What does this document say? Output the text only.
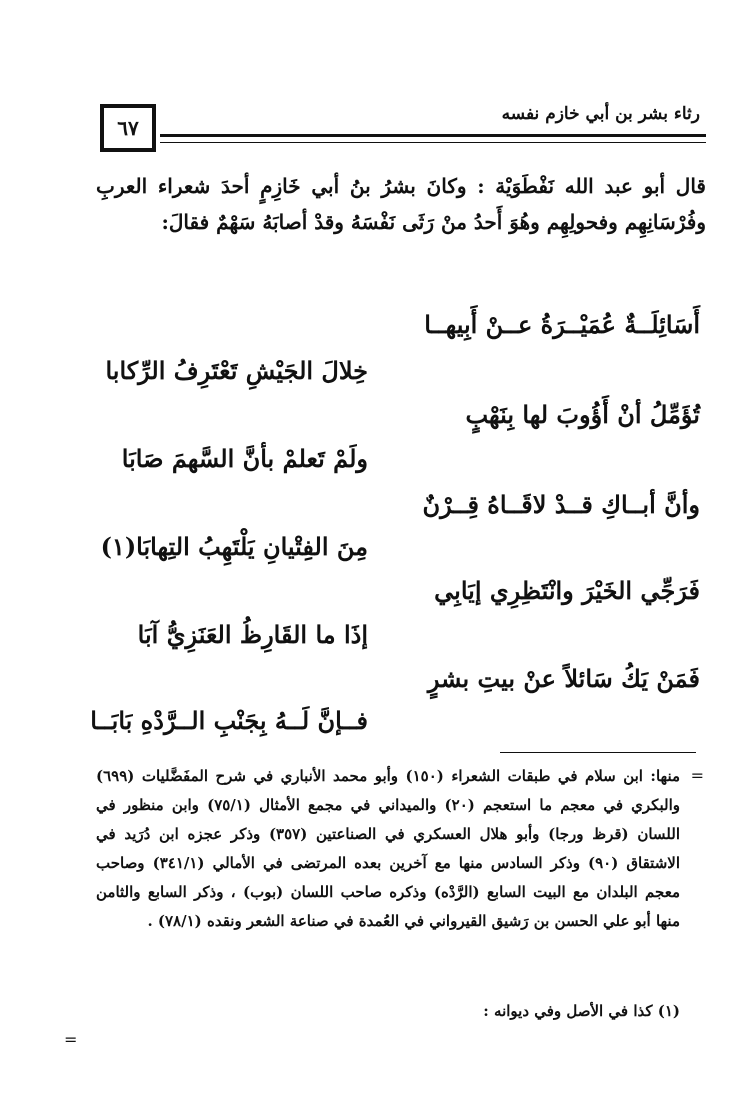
٦٧
رثاء بشر بن أبي خازم نفسه
قال أبو عبد الله نَفْطَوَيْة : وكانَ بشرُ بنُ أبي خَازِمٍ أحدَ شعراء العربِ وفُرْسَانِهِم وفحولِهِم وهُوَ أَحدُ منْ رَثَى نَفْسَهُ وقدْ أصابَهُ سَهْمٌ فقالَ:
أَسَائِلَــةٌ عُمَيْــرَةُ عــنْ أَبِيهــا
خِلالَ الجَيْشِ تَعْتَرِفُ الرِّكابا
تُؤَمِّلُ أنْ أَؤُوبَ لها بِنَهْبٍ
ولَمْ تَعلمْ بأنَّ السَّهمَ صَابَا
وأنَّ أبــاكِ قــدْ لاقَــاهُ قِــرْنٌ
مِنَ الفِتْيانِ يَلْتَهِبُ التِهابَا(١)
فَرَجِّي الخَيْرَ وانْتَظِرِي إيَابِي
إذَا ما القَارِظُ العَنَزِيُّ آبَا
فَمَنْ يَكُ سَائلاً عنْ بيتِ بشرٍ
فــإنَّ لَــهُ بِجَنْبِ الــرَّدْهِ بَابَــا
=
منها: ابن سلام في طبقات الشعراء (١٥٠) وأبو محمد الأنباري في شرح المفَضَّليات (٦٩٩) والبكري في معجم ما استعجم (٢٠) والميداني في مجمع الأمثال (٧٥/١) وابن منظور في اللسان (قرظ ورجا) وأبو هلال العسكري في الصناعتين (٣٥٧) وذكر عجزه ابن دُرَيد في الاشتقاق (٩٠) وذكر السادس منها مع آخرين بعده المرتضى في الأمالي (٣٤١/١) وصاحب معجم البلدان مع البيت السابع (الرَّدْه) وذكره صاحب اللسان (بوب) ، وذكر السابع والثامن منها أبو علي الحسن بن رَشيق القيرواني في العُمدة في صناعة الشعر ونقده (٧٨/١) .
(١) كذا في الأصل وفي ديوانه :
=
